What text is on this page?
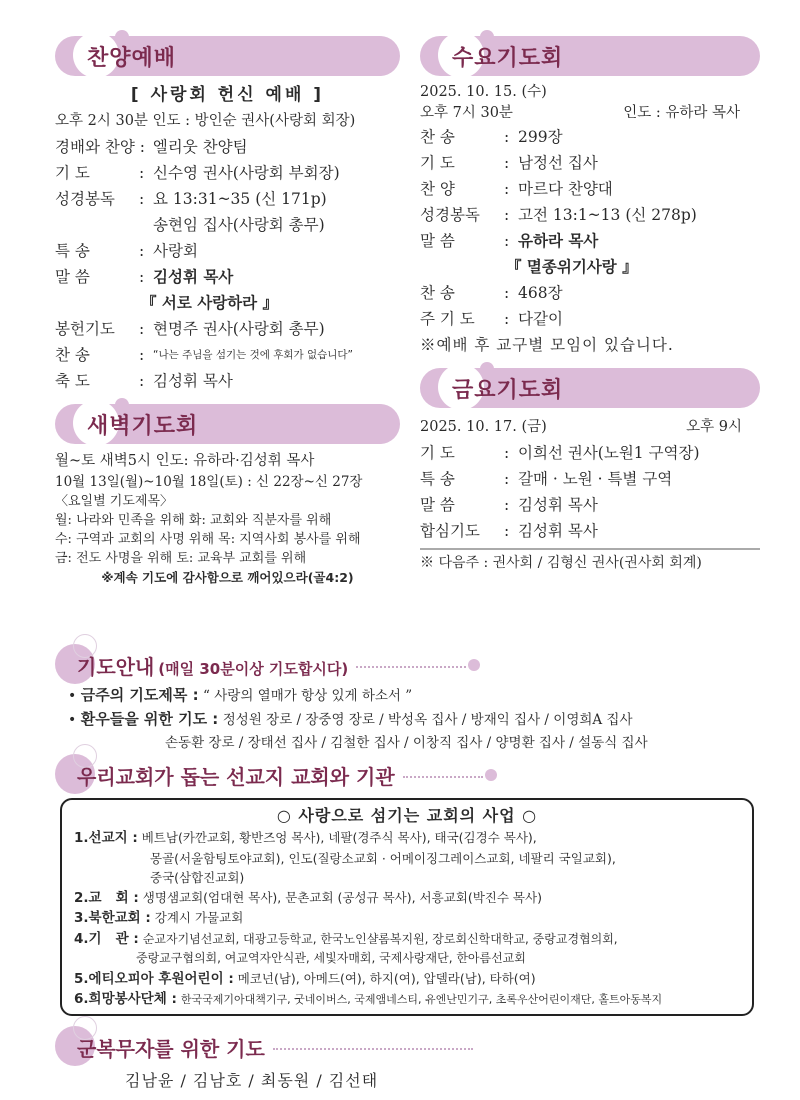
찬양예배
[ 사랑회 헌신 예배 ]
오후 2시 30분 인도 : 방인순 권사(사랑회 회장)
경배와 찬양 : 엘리웃 찬양팀
기 도	: 신수영 권사(사랑회 부회장)
성경봉독	: 요 13:31~35 (신 171p)
송현임 집사(사랑회 총무)
특 송	: 사랑회
말 씀	: 김성휘 목사
『 서로 사랑하라 』
봉헌기도	: 현명주 권사(사랑회 총무)
찬 송	: “나는 주님을 섬기는 것에 후회가 없습니다”
축 도	: 김성휘 목사
새벽기도회
월~토 새벽5시 인도: 유하라·김성휘 목사
10월 13일(월)~10월 18일(토) : 신 22장~신 27장
〈요일별 기도제목〉
월: 나라와 민족을 위해 화: 교회와 직분자를 위해
수: 구역과 교회의 사명 위해 목: 지역사회 봉사를 위해
금: 전도 사명을 위해 토: 교육부 교회를 위해
※계속 기도에 감사함으로 깨어있으라(골4:2)
수요기도회
2025. 10. 15. (수)
오후 7시 30분	인도 : 유하라 목사
찬 송	: 299장
기 도	: 남정선 집사
찬 양	: 마르다 찬양대
성경봉독	: 고전 13:1~13 (신 278p)
말 씀	: 유하라 목사
『 멸종위기사랑 』
찬 송	: 468장
주 기 도	: 다같이
※예배 후 교구별 모임이 있습니다.
금요기도회
2025. 10. 17. (금)	오후 9시
기 도	: 이희선 권사(노원1 구역장)
특 송	: 갈매 · 노원 · 특별 구역
말 씀	: 김성휘 목사
합심기도	: 김성휘 목사
※ 다음주 : 권사회 / 김형신 권사(권사회 회계)
기도안내 (매일 30분이상 기도합시다)
• 금주의 기도제목 : “ 사랑의 열매가 항상 있게 하소서 ”
• 환우들을 위한 기도 : 정성원 장로 / 장중영 장로 / 박성옥 집사 / 방재익 집사 / 이영희A 집사
손동환 장로 / 장태선 집사 / 김철한 집사 / 이창직 집사 / 양명환 집사 / 설동식 집사
우리교회가 돕는 선교지 교회와 기관
○ 사랑으로 섬기는 교회의 사업 ○
1.선교지 : 베트남(카깐교회, 황반즈엉 목사), 네팔(경주식 목사), 태국(김경수 목사),
몽골(서울함팅토야교회), 인도(질랑소교회 · 어메이징그레이스교회, 네팔리 국일교회),
중국(삼합진교회)
2.교   회 : 생명샘교회(엄대현 목사), 문촌교회 (공성규 목사), 서흥교회(박진수 목사)
3.북한교회 : 강계시 가물교회
4.기   관 : 순교자기념선교회, 대광고등학교, 한국노인샬롬복지원, 장로회신학대학교, 중랑교경협의회,
중랑교구협의회, 여교역자안식관, 세빛자매회, 국제사랑재단, 한아름선교회
5.에티오피아 후원어린이 : 메코넌(남), 아메드(여), 하지(여), 압델라(남), 타하(여)
6.희망봉사단체 : 한국국제기아대책기구, 굿네이버스, 국제앰네스티, 유엔난민기구, 초록우산어린이재단, 홀트아동복지
군복무자를 위한 기도
김남윤 / 김남호 / 최동원 / 김선태
